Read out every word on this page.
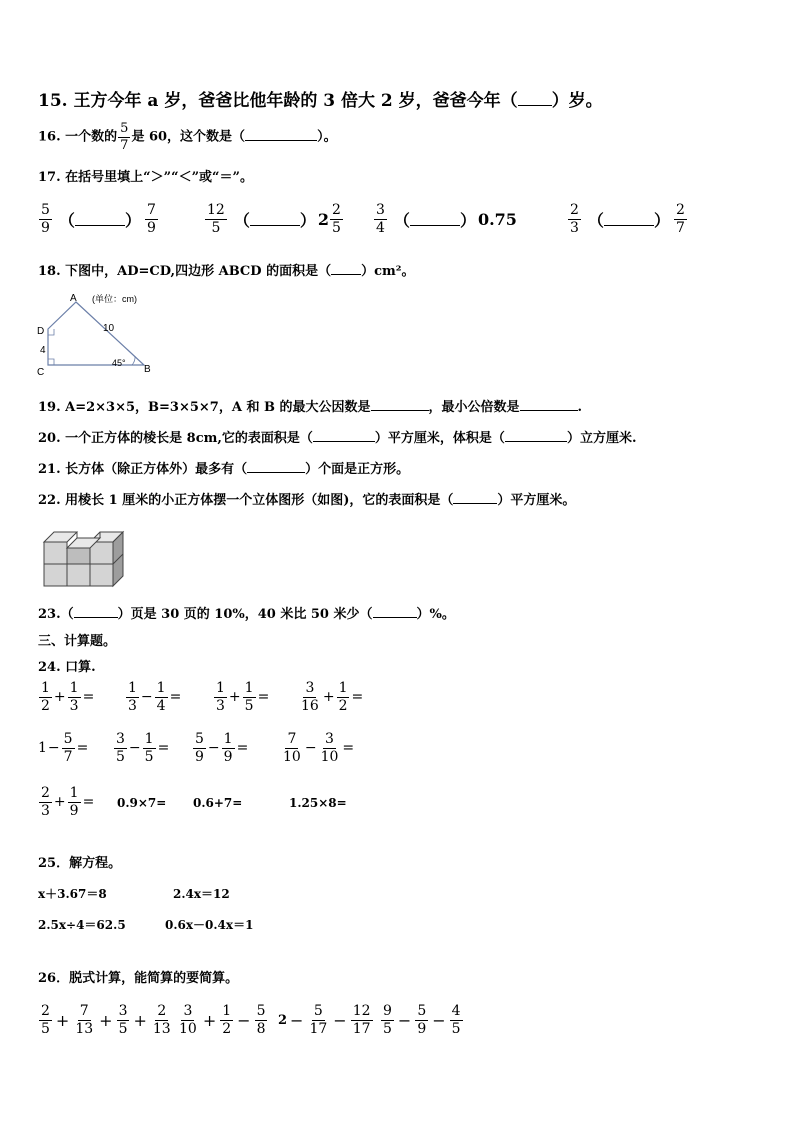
15. 王方今年 a 岁，爸爸比他年龄的 3 倍大 2 岁，爸爸今年（ ）岁。
16. 一个数的 $\frac{5}{7}$ 是 60，这个数是（	）。
17. 在括号里填上“＞”“＜”或“＝”。
$\frac{5}{9}$ （	） $\frac{7}{9}$	$\frac{12}{5}$ （	） $2 \frac{2}{5} \frac{3}{4}$ （	） 0.75	$\frac{2}{3}$ （	） $\frac{2}{7}$
18. 下图中，AD=CD,四边形 ABCD 的面积是（ ）cm²。
A
D
C	B
(单位：cm)
10
4
45°
19. A=2×3×5，B=3×5×7，A 和 B 的最大公因数是	，最小公倍数是	.
20. 一个正方体的棱长是 8cm,它的表面积是（	）平方厘米，体积是（	）立方厘米.
21. 长方体（除正方体外）最多有（	）个面是正方形。
22. 用棱长 1 厘米的小正方体摆一个立体图形（如图)，它的表面积是（	）平方厘米。
23.（	）页是 30 页的 10%，40 米比 50 米少（	）%。
三、计算题。
24. 口算.
$\frac{1}{2} + \frac{1}{3} = \frac{1}{3} - \frac{1}{4} = \frac{1}{3} + \frac{1}{5} = \frac{3}{16} + \frac{1}{2}$ =
$1 - \frac{5}{7} = \frac{3}{5} - \frac{1}{5} = \frac{5}{9} - \frac{1}{9} = \frac{7}{10} - \frac{3}{10}$ =
$\frac{2}{3} + \frac{1}{9} = 0.9\times 7= 0.6+7=$	1.25×8=
25．解方程。
x＋3.67＝8	2.4x＝12
2.5x÷4＝62.5	0.6x－0.4x＝1
26．脱式计算，能简算的要简算。
$\frac{2}{5} + \frac{7}{13} + \frac{3}{5} + \frac{2}{13} \frac{3}{10} + \frac{1}{2} - \frac{5}{8} 2 - \frac{5}{17} - \frac{12}{17} \frac{9}{5} - \frac{5}{9} - \frac{4}{5}$
